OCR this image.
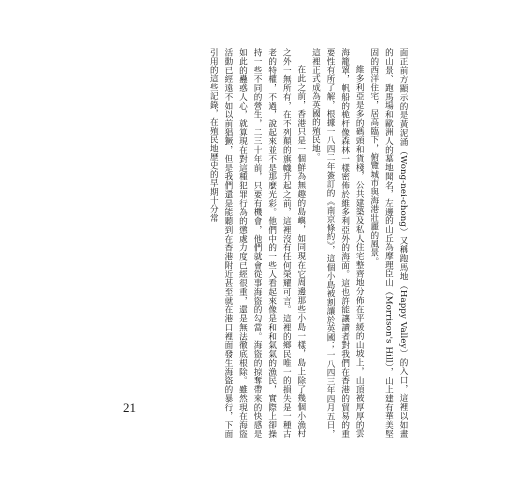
面正前方顯示的是黃泥涌（Wong-nei-chong）又稱跑馬地（Happy Valley）的入口，這裡以如畫的山景、跑馬場和歐洲人的墓地聞名，左邊的山丘為摩理臣山（Morrison's Hill），山上建有華美堅固的西洋住宅，居高臨下，俯覽城市與海港壯麗的風景。

維多利亞是多的碼頭和貨棧，公共建築及私人住宅整齊地分佈在平緩的山坡上，山頂被厚厚的雲海籠罩，帆船的桅杆像森林一樣密佈於維多利亞外的海面。這也許能讓讀者對我們在香港的貿易的重要性有所了解，根據一八四二年簽訂的《南京條約》，這個小島被割讓於英國；一八四三年四月五日，這裡正式成為英國的殖民地。

在此之前，香港只是一個鮮為無趣的島嶼，如同現在它周邊那些小島一樣，島上除了幾個小漁村之外一無所有，在不列顛的旗幟升起之前，這裡沒有任何榮耀可言。這裡的鄉民唯一的損失是一種古老的特權，不過，說起來並不是那麼光彩。他們中的一些人看起來像是和和氣氣的漁民，實際上卻操持一些不同的營生，二三十年前，只要有機會，他們就會從事海盜的勾當。海盜的掠奪帶來的快感是如此的蠱惑人心，就算現在對這種犯罪行為的懲處力度已經很重，還是無法徹底根除。雖然現在海盜活動已經遠不如以前猖獗，但是我們還是能聽到在香港附近甚至就在港口裡面發生海盜的暴行，下面引用的這些記錄，在殖民地歷史的早期十分常

21
